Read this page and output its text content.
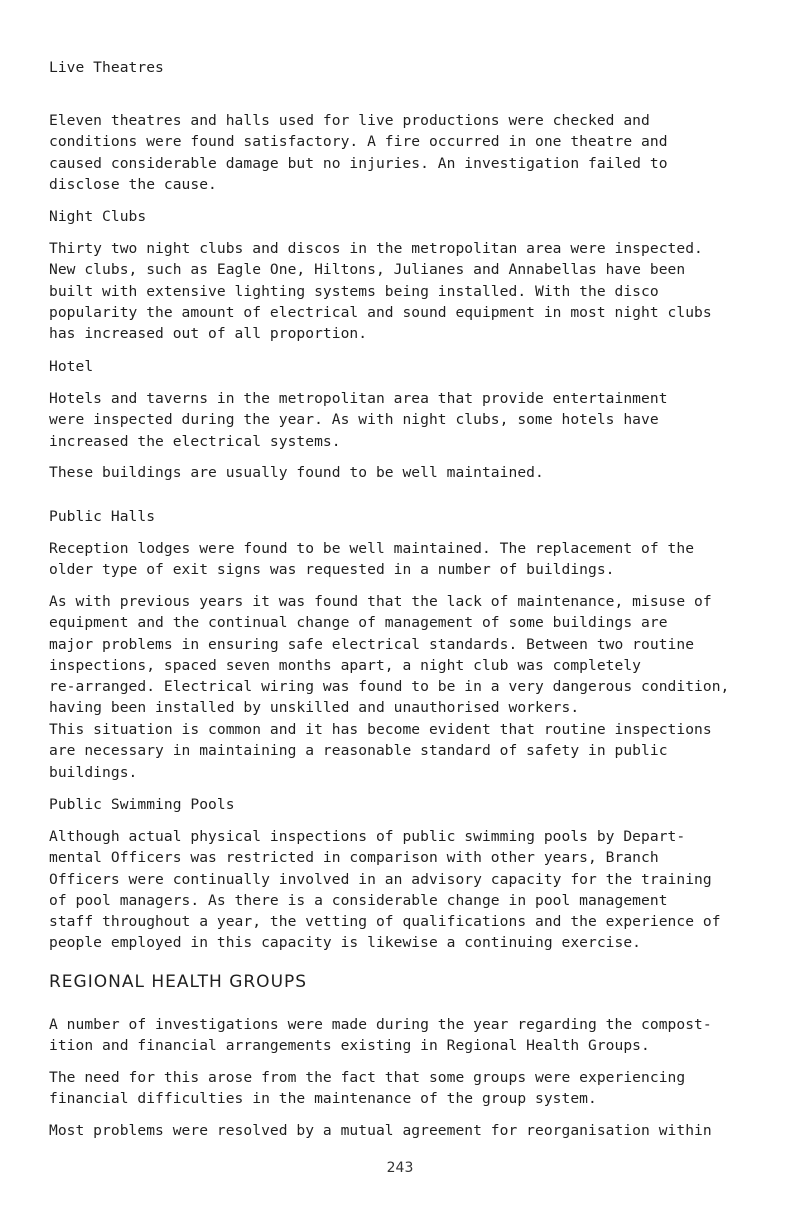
Live Theatres

Eleven theatres and halls used for live productions were checked and
conditions were found satisfactory. A fire occurred in one theatre and
caused considerable damage but no injuries. An investigation failed to
disclose the cause.

Night Clubs

Thirty two night clubs and discos in the metropolitan area were inspected.
New clubs, such as Eagle One, Hiltons, Julianes and Annabellas have been
built with extensive lighting systems being installed. With the disco
popularity the amount of electrical and sound equipment in most night clubs
has increased out of all proportion.

Hotel

Hotels and taverns in the metropolitan area that provide entertainment
were inspected during the year. As with night clubs, some hotels have
increased the electrical systems.

These buildings are usually found to be well maintained.

Public Halls

Reception lodges were found to be well maintained. The replacement of the
older type of exit signs was requested in a number of buildings.

As with previous years it was found that the lack of maintenance, misuse of
equipment and the continual change of management of some buildings are
major problems in ensuring safe electrical standards. Between two routine
inspections, spaced seven months apart, a night club was completely
re-arranged. Electrical wiring was found to be in a very dangerous condition,
having been installed by unskilled and unauthorised workers.

This situation is common and it has become evident that routine inspections
are necessary in maintaining a reasonable standard of safety in public
buildings.

Public Swimming Pools

Although actual physical inspections of public swimming pools by Depart-
mental Officers was restricted in comparison with other years, Branch
Officers were continually involved in an advisory capacity for the training
of pool managers. As there is a considerable change in pool management
staff throughout a year, the vetting of qualifications and the experience of
people employed in this capacity is likewise a continuing exercise.

REGIONAL HEALTH GROUPS

A number of investigations were made during the year regarding the compost-
ition and financial arrangements existing in Regional Health Groups.

The need for this arose from the fact that some groups were experiencing
financial difficulties in the maintenance of the group system.

Most problems were resolved by a mutual agreement for reorganisation within

243
